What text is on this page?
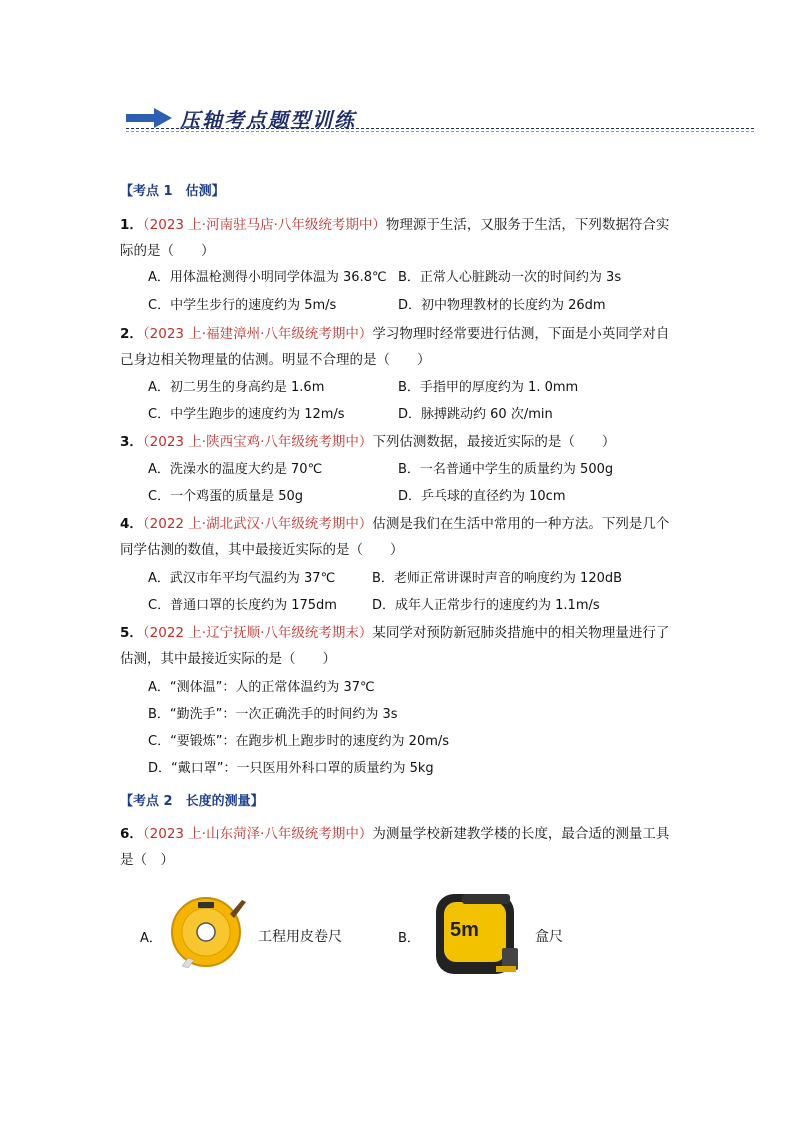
压轴考点题型训练
【考点 1　估测】
1．（2023 上·河南驻马店·八年级统考期中）物理源于生活，又服务于生活，下列数据符合实
际的是（　　）
A．用体温枪测得小明同学体温为 36.8℃ B．正常人心脏跳动一次的时间约为 3s
C．中学生步行的速度约为 5m/s	D．初中物理教材的长度约为 26dm
2．（2023 上·福建漳州·八年级统考期中）学习物理时经常要进行估测，下面是小英同学对自
己身边相关物理量的估测。明显不合理的是（　　）
A．初二男生的身高约是 1.6m	B．手指甲的厚度约为 1. 0mm
C．中学生跑步的速度约为 12m/s	D．脉搏跳动约 60 次/min
3．（2023 上·陕西宝鸡·八年级统考期中）下列估测数据，最接近实际的是（　　）
A．洗澡水的温度大约是 70℃	B．一名普通中学生的质量约为 500g
C．一个鸡蛋的质量是 50g	D．乒乓球的直径约为 10cm
4．（2022 上·湖北武汉·八年级统考期中）估测是我们在生活中常用的一种方法。下列是几个
同学估测的数值，其中最接近实际的是（　　）
A．武汉市年平均气温约为 37℃	B．老师正常讲课时声音的响度约为 120dB
C．普通口罩的长度约为 175dm	D．成年人正常步行的速度约为 1.1m/s
5．（2022 上·辽宁抚顺·八年级统考期末）某同学对预防新冠肺炎措施中的相关物理量进行了
估测，其中最接近实际的是（　　）
A．“测体温”：人的正常体温约为 37℃
B．“勤洗手”：一次正确洗手的时间约为 3s
C．“要锻炼”：在跑步机上跑步时的速度约为 20m/s
D．“戴口罩”：一只医用外科口罩的质量约为 5kg
【考点 2　长度的测量】
6．（2023 上·山东菏泽·八年级统考期中）为测量学校新建教学楼的长度，最合适的测量工具
是（　）
A．	工程用皮卷尺	B． 5m	盒尺
